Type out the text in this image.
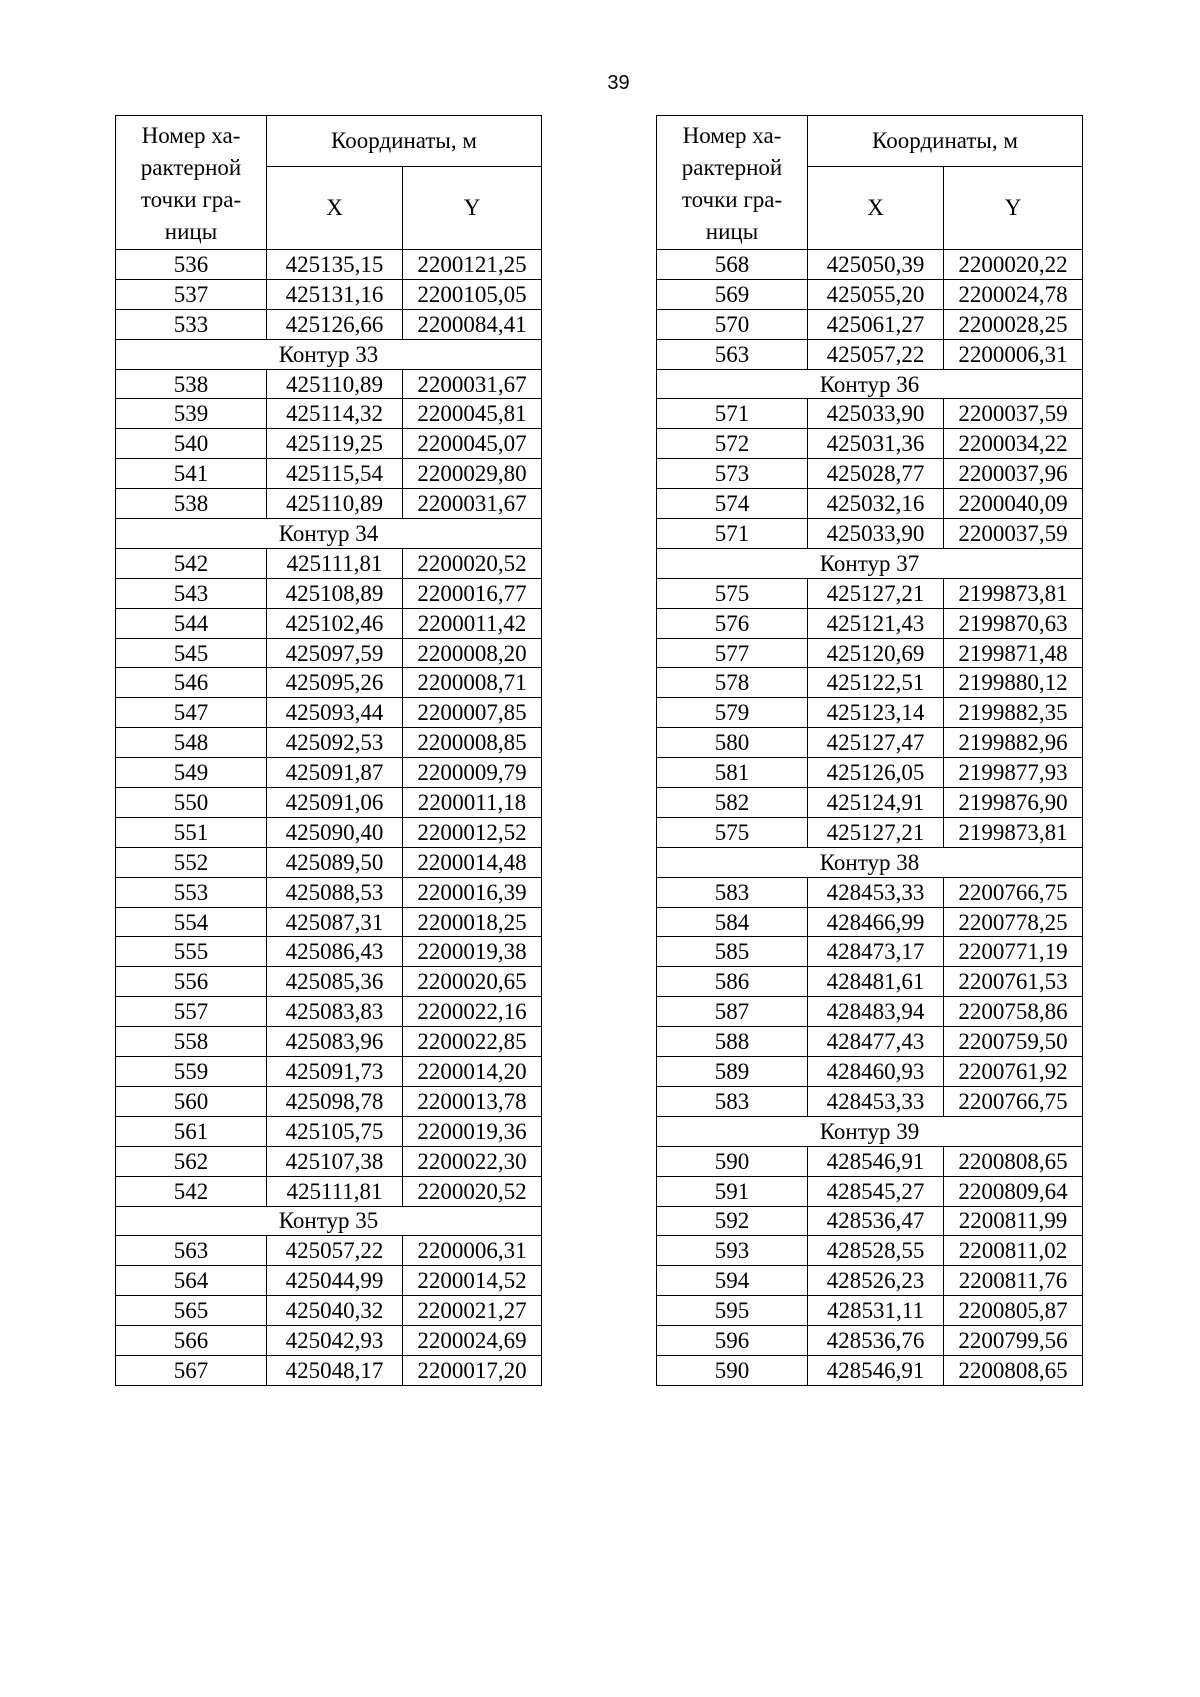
39
Номер ха-
рактерной
точки гра-
ницы	Координаты, м	
	X	Y
536	425135,15	2200121,25
537	425131,16	2200105,05
533	425126,66	2200084,41
Контур 33		
538	425110,89	2200031,67
539	425114,32	2200045,81
540	425119,25	2200045,07
541	425115,54	2200029,80
538	425110,89	2200031,67
Контур 34		
542	425111,81	2200020,52
543	425108,89	2200016,77
544	425102,46	2200011,42
545	425097,59	2200008,20
546	425095,26	2200008,71
547	425093,44	2200007,85
548	425092,53	2200008,85
549	425091,87	2200009,79
550	425091,06	2200011,18
551	425090,40	2200012,52
552	425089,50	2200014,48
553	425088,53	2200016,39
554	425087,31	2200018,25
555	425086,43	2200019,38
556	425085,36	2200020,65
557	425083,83	2200022,16
558	425083,96	2200022,85
559	425091,73	2200014,20
560	425098,78	2200013,78
561	425105,75	2200019,36
562	425107,38	2200022,30
542	425111,81	2200020,52
Контур 35		
563	425057,22	2200006,31
564	425044,99	2200014,52
565	425040,32	2200021,27
566	425042,93	2200024,69
567	425048,17	2200017,20
Номер ха-
рактерной
точки гра-
ницы	Координаты, м	
	X	Y
568	425050,39	2200020,22
569	425055,20	2200024,78
570	425061,27	2200028,25
563	425057,22	2200006,31
Контур 36		
571	425033,90	2200037,59
572	425031,36	2200034,22
573	425028,77	2200037,96
574	425032,16	2200040,09
571	425033,90	2200037,59
Контур 37		
575	425127,21	2199873,81
576	425121,43	2199870,63
577	425120,69	2199871,48
578	425122,51	2199880,12
579	425123,14	2199882,35
580	425127,47	2199882,96
581	425126,05	2199877,93
582	425124,91	2199876,90
575	425127,21	2199873,81
Контур 38		
583	428453,33	2200766,75
584	428466,99	2200778,25
585	428473,17	2200771,19
586	428481,61	2200761,53
587	428483,94	2200758,86
588	428477,43	2200759,50
589	428460,93	2200761,92
583	428453,33	2200766,75
Контур 39		
590	428546,91	2200808,65
591	428545,27	2200809,64
592	428536,47	2200811,99
593	428528,55	2200811,02
594	428526,23	2200811,76
595	428531,11	2200805,87
596	428536,76	2200799,56
590	428546,91	2200808,65
